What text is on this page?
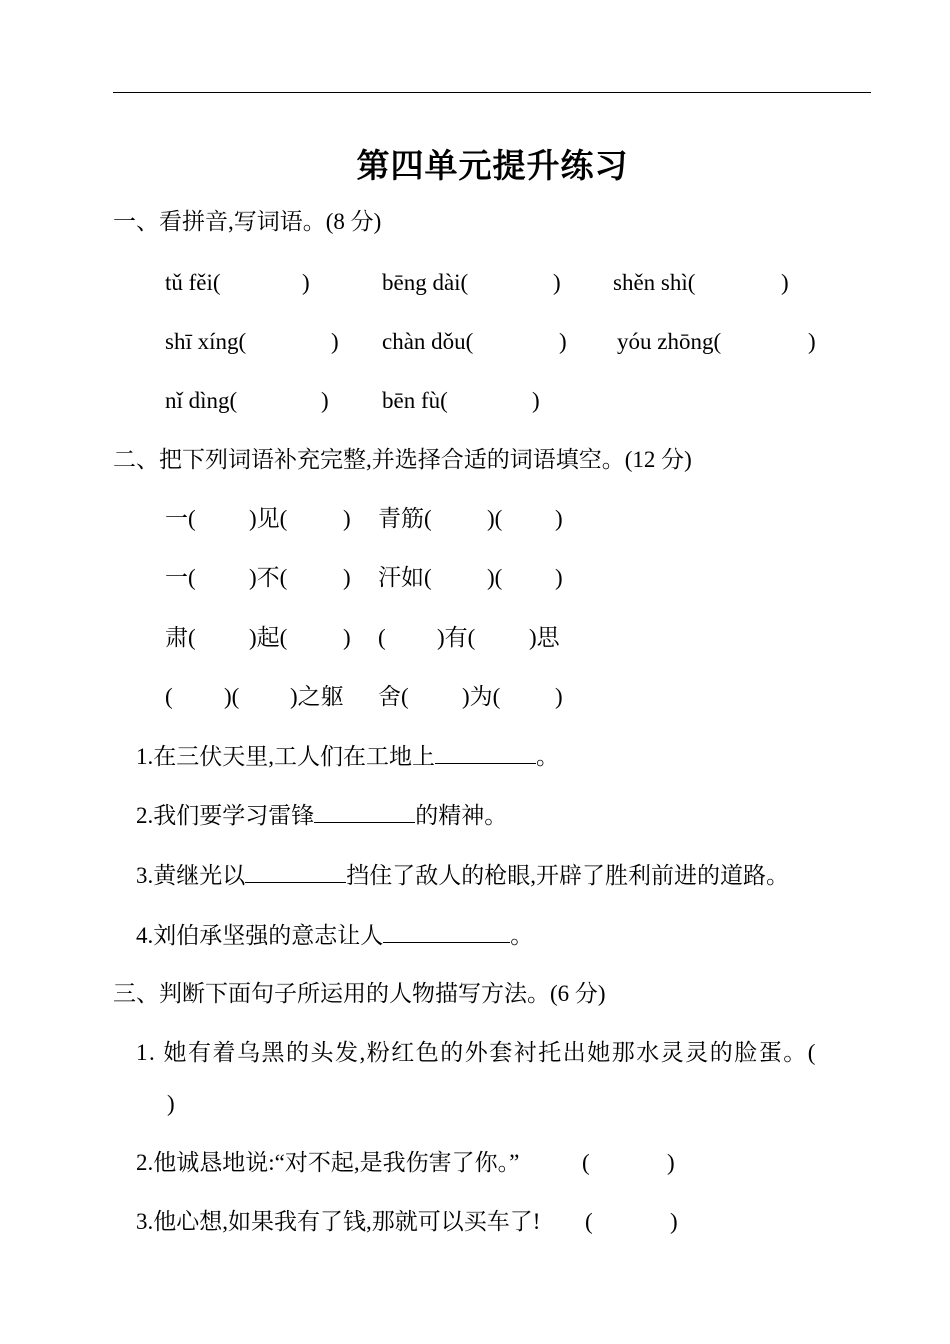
第四单元提升练习
一、看拼音,写词语。(8 分)
tǔ fěi(	)	bēng dài(	) shěn shì(	)
shī xíng(	) chàn dǒu(	) yóu zhōng(	)
nǐ dìng(	) bēn fù(	)
二、把下列词语补充完整,并选择合适的词语填空。(12 分)
一( )见( ) 青筋( )( )
一( )不( ) 汗如( )( )
肃( )起( ) ( )有( )思
( )( )之躯 舍( )为( )
1.在三伏天里,工人们在工地上	。
2.我们要学习雷锋	的精神。
3.黄继光以	挡住了敌人的枪眼,开辟了胜利前进的道路。
4.刘伯承坚强的意志让人	。
三、判断下面句子所运用的人物描写方法。(6 分)
1. 她有着乌黑的头发,粉红色的外套衬托出她那水灵灵的脸蛋。(
)
2.他诚恳地说:“对不起,是我伤害了你。”	(	)
3.他心想,如果我有了钱,那就可以买车了! (	)
